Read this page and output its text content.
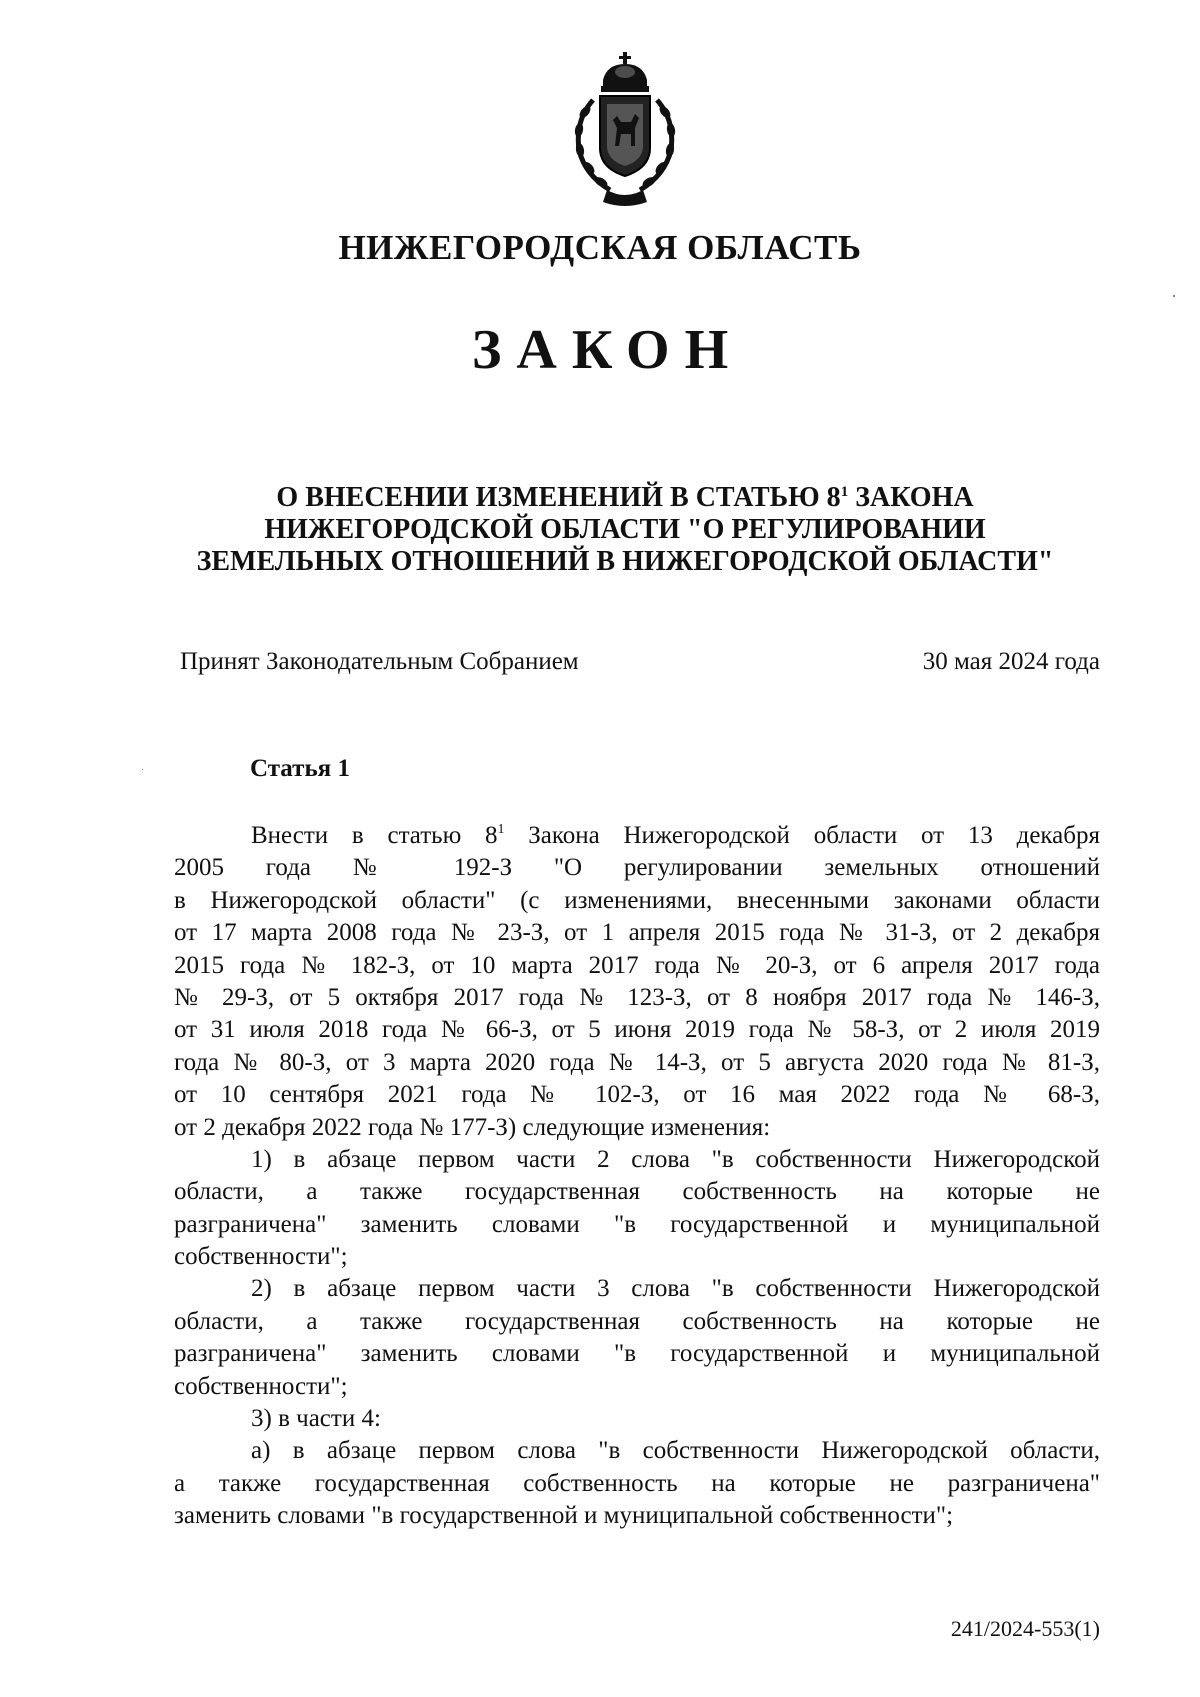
НИЖЕГОРОДСКАЯ ОБЛАСТЬ
ЗАКОН
О ВНЕСЕНИИ ИЗМЕНЕНИЙ В СТАТЬЮ $8^1$ ЗАКОНА
НИЖЕГОРОДСКОЙ ОБЛАСТИ "О РЕГУЛИРОВАНИИ
ЗЕМЕЛЬНЫХ ОТНОШЕНИЙ В НИЖЕГОРОДСКОЙ ОБЛАСТИ"
Принят Законодательным Собранием	30 мая 2024 года
Статья 1
Внести в статью $8^1$ Закона Нижегородской области от 13 декабря
2005 года № 192-З "О регулировании земельных отношений
в Нижегородской области" (с изменениями, внесенными законами области
от 17 марта 2008 года № 23-З, от 1 апреля 2015 года № 31-З, от 2 декабря
2015 года № 182-З, от 10 марта 2017 года № 20-З, от 6 апреля 2017 года
№ 29-З, от 5 октября 2017 года № 123-З, от 8 ноября 2017 года № 146-З,
от 31 июля 2018 года № 66-З, от 5 июня 2019 года № 58-З, от 2 июля 2019
года № 80-З, от 3 марта 2020 года № 14-З, от 5 августа 2020 года № 81-З,
от 10 сентября 2021 года № 102-З, от 16 мая 2022 года № 68-З,
от 2 декабря 2022 года № 177-З) следующие изменения:
1) в абзаце первом части 2 слова "в собственности Нижегородской
области, а также государственная собственность на которые не
разграничена" заменить словами "в государственной и муниципальной
собственности";
2) в абзаце первом части 3 слова "в собственности Нижегородской
области, а также государственная собственность на которые не
разграничена" заменить словами "в государственной и муниципальной
собственности";
3) в части 4:
а) в абзаце первом слова "в собственности Нижегородской области,
а также государственная собственность на которые не разграничена"
заменить словами "в государственной и муниципальной собственности";
241/2024-553(1)
